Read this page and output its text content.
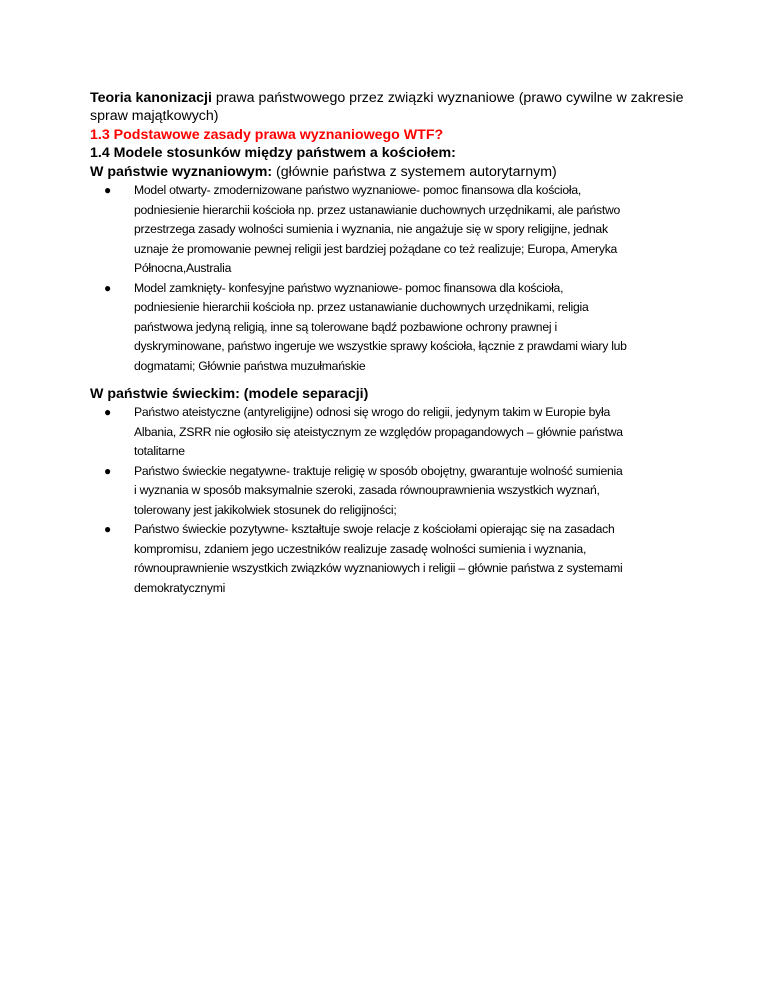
Teoria kanonizacji prawa państwowego przez związki wyznaniowe (prawo cywilne w zakresie
spraw majątkowych)
1.3 Podstawowe zasady prawa wyznaniowego WTF?
1.4 Modele stosunków między państwem a kościołem:
W państwie wyznaniowym: (głównie państwa z systemem autorytarnym)
● Model otwarty- zmodernizowane państwo wyznaniowe- pomoc finansowa dla kościoła,
podniesienie hierarchii kościoła np. przez ustanawianie duchownych urzędnikami, ale państwo
przestrzega zasady wolności sumienia i wyznania, nie angażuje się w spory religijne, jednak
uznaje że promowanie pewnej religii jest bardziej pożądane co też realizuje; Europa, Ameryka
Północna,Australia
● Model zamknięty- konfesyjne państwo wyznaniowe- pomoc finansowa dla kościoła,
podniesienie hierarchii kościoła np. przez ustanawianie duchownych urzędnikami, religia
państwowa jedyną religią, inne są tolerowane bądź pozbawione ochrony prawnej i
dyskryminowane, państwo ingeruje we wszystkie sprawy kościoła, łącznie z prawdami wiary lub
dogmatami; Głównie państwa muzułmańskie
W państwie świeckim: (modele separacji)
● Państwo ateistyczne (antyreligijne) odnosi się wrogo do religii, jedynym takim w Europie była
Albania, ZSRR nie ogłosiło się ateistycznym ze względów propagandowych – głównie państwa
totalitarne
● Państwo świeckie negatywne- traktuje religię w sposób obojętny, gwarantuje wolność sumienia
i wyznania w sposób maksymalnie szeroki, zasada równouprawnienia wszystkich wyznań,
tolerowany jest jakikolwiek stosunek do religijności;
● Państwo świeckie pozytywne- kształtuje swoje relacje z kościołami opierając się na zasadach
kompromisu, zdaniem jego uczestników realizuje zasadę wolności sumienia i wyznania,
równouprawnienie wszystkich związków wyznaniowych i religii – głównie państwa z systemami
demokratycznymi
